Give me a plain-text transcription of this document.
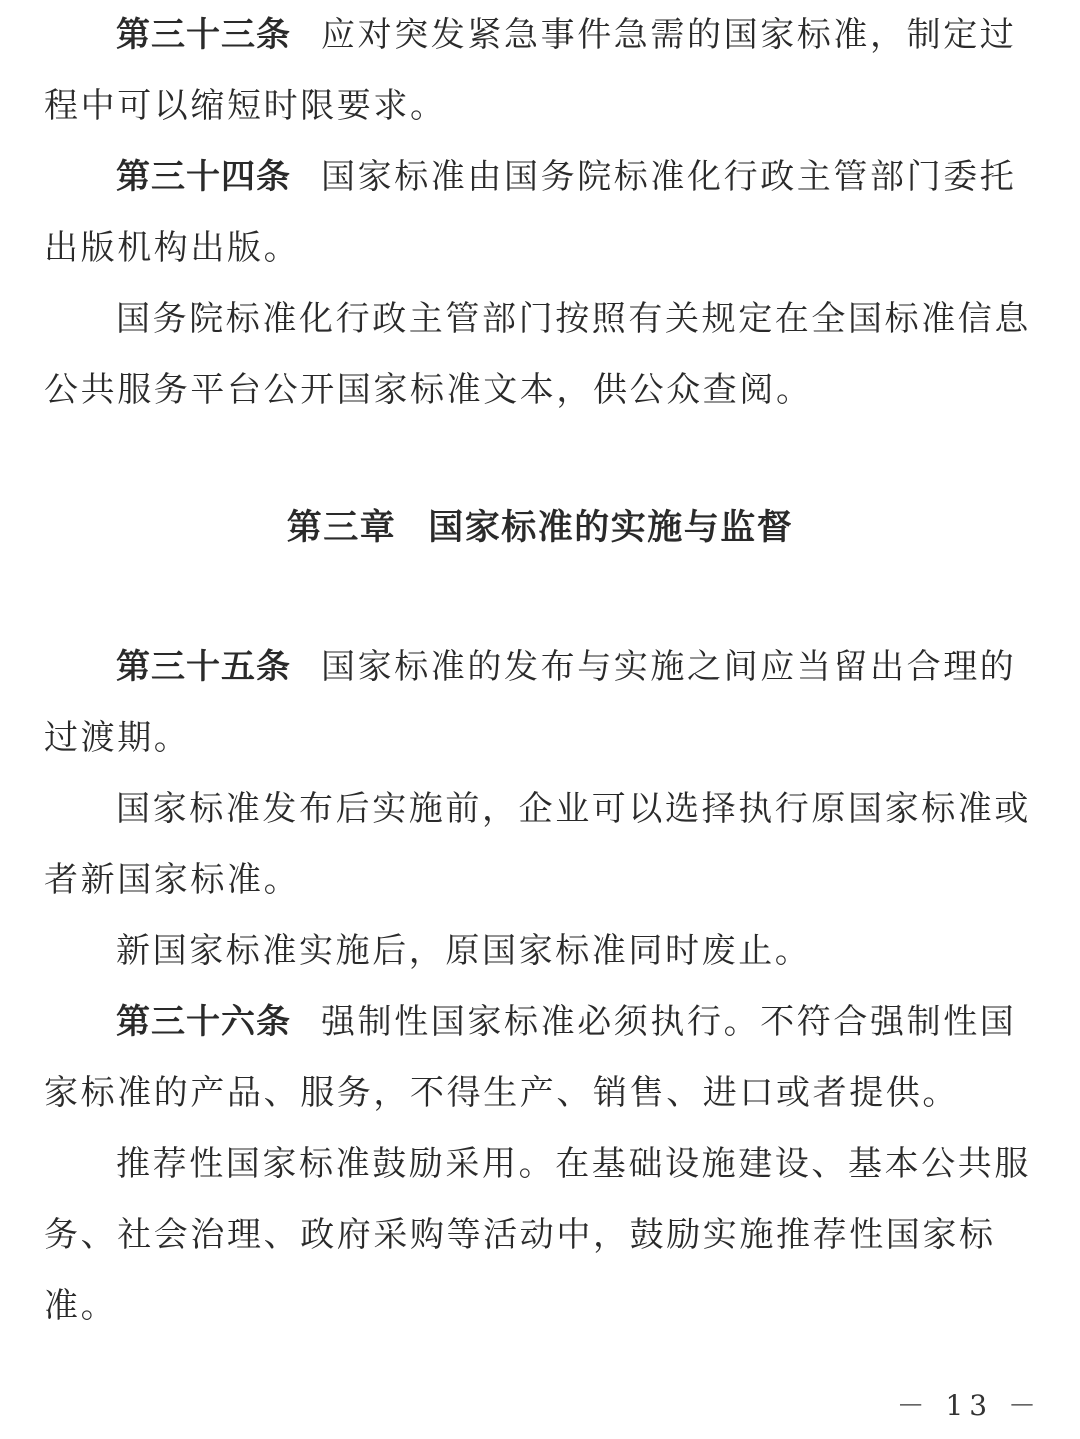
第三十三条 应对突发紧急事件急需的国家标准，制定过程中可以缩短时限要求。

第三十四条 国家标准由国务院标准化行政主管部门委托出版机构出版。

国务院标准化行政主管部门按照有关规定在全国标准信息公共服务平台公开国家标准文本，供公众查阅。

第三章 国家标准的实施与监督

第三十五条 国家标准的发布与实施之间应当留出合理的过渡期。

国家标准发布后实施前，企业可以选择执行原国家标准或者新国家标准。

新国家标准实施后，原国家标准同时废止。

第三十六条 强制性国家标准必须执行。不符合强制性国家标准的产品、服务，不得生产、销售、进口或者提供。

推荐性国家标准鼓励采用。在基础设施建设、基本公共服务、社会治理、政府采购等活动中，鼓励实施推荐性国家标准。

－ 13 －
